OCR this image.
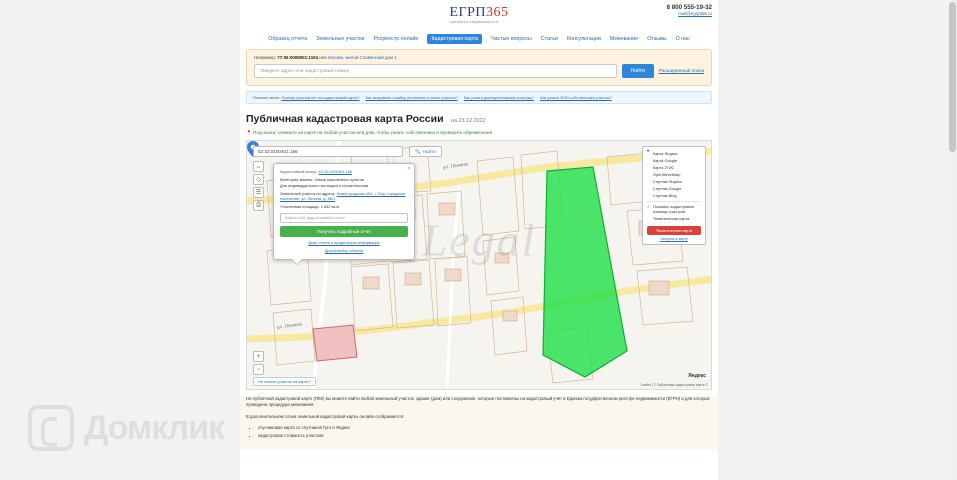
Домклик
ЕГРП365
проверка недвижимости
8 800 555-19-32
mail@egrp365.ru
Образец отчета Земельные участки Росреестр онлайн	Кадастровая карта	Частые вопросы Статьи Консультации Межевание Отзывы О нас
Например: 77:06:0005001:1104 или Москва, жилой Славянский дом 1
Введите адрес или кадастровый номер	Найти	Расширенный поиск
Полезно знать: Почему участка нет на кадастровой карте? Как исправить ошибку уточнения в плане участка? Как узнать долевую/этажную очередь? Как узнать ФИО собственника участка?
Публичная кадастровая карта России на 23.12.2022
📍 Подсказка: кликните на карте на любой участок или дом, чтобы узнать собственника и проверить обременения
ул. Ленина
ул. Ленина
Legal
52:32:0100401:166	🔍 Найти
↔
◇
☰
⎙
+
−
Не нашли участок на карте?
Яндекс
Leaflet | © Публичная кадастровая карта ©
×
Кадастровый номер: 52:32:0100401:166
Категория земель: Земли населенных пунктов
Для индивидуального жилищного строительства
Земельный участок по адресу: Нижегородская обл., г. Бор, городское поселение, ул. Ленина, д. 66/1
Уточненная площадь: 1 632 кв.м
Ваш e-mail, куда отправить отчет
Получить подробный отчет
Демо отчета и юридическая информация
Другой выбор объекта
• Карта Яндекс
Карта Google
Карта 2ГИС
OpenStreetMap
Спутник Яндекс
Спутник Google
Спутник Bing
✓ Показать кадастровые границы участков
Тематическая карта
Тематическая карта
Настроить карту

На публичной кадастровой карте (ПКК) вы можете найти любой земельный участок, здание (дом) или сооружение, которые поставлены на кадастровый учёт в Едином государственном реестре недвижимости (ЕГРН) и для которых проведена процедура межевания.

В дополнительном слоев земельной кадастровой карты онлайн отображается:

• спутниковая карта со спутников Гугл и Яндекс
• кадастровая стоимость участков
